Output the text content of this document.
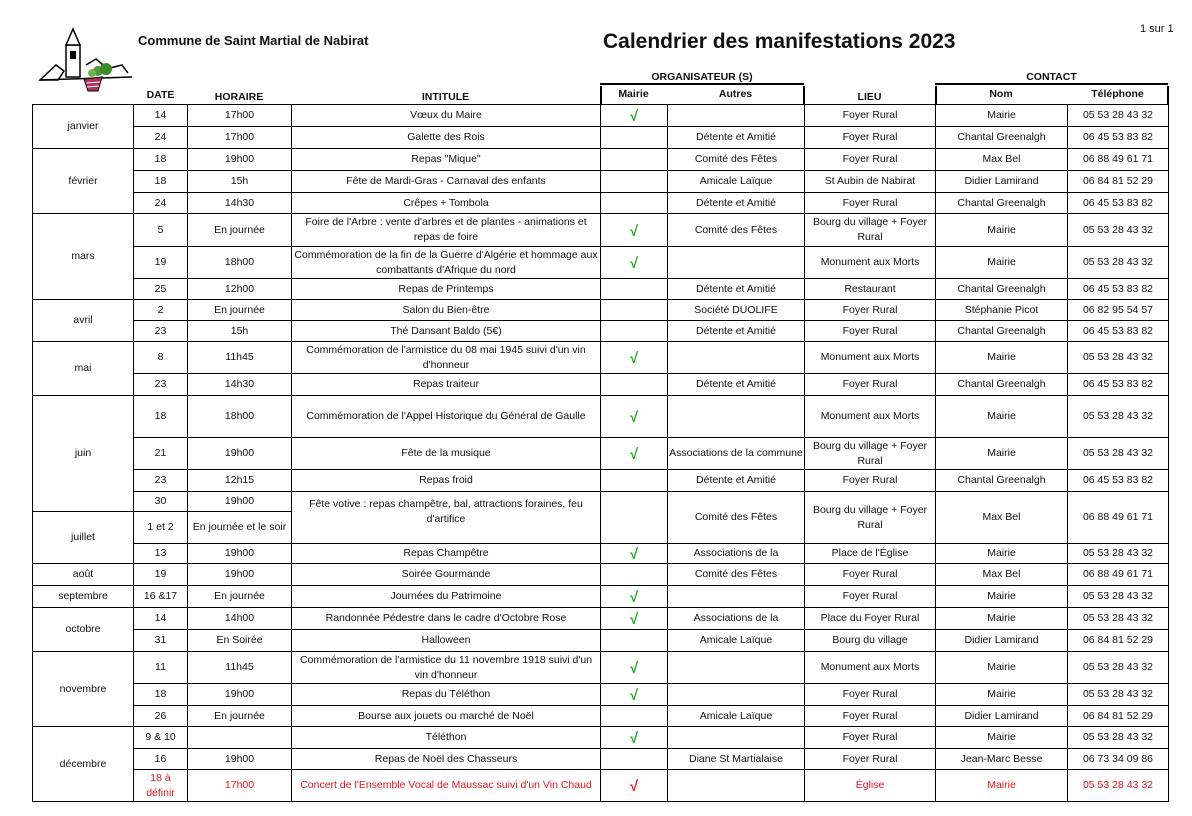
Commune de Saint Martial de Nabirat	Calendrier des manifestations 2023
1 sur 1
DATE	HORAIRE	INTITULE
ORGANISATEUR (S)
Mairie	Autres	LIEU
CONTACT
Nom	Téléphone
janvier	14	17h00	Vœux du Maire	√		Foyer Rural	Mairie	05 53 28 43 32
	24	17h00	Galette des Rois		Détente et Amitié	Foyer Rural	Chantal Greenalgh	06 45 53 83 82
février	18	19h00	Repas "Mique"		Comité des Fêtes	Foyer Rural	Max Bel	06 88 49 61 71
	18	15h	Fête de Mardi-Gras - Carnaval des enfants		Amicale Laïque	St Aubin de Nabirat	Didier Lamirand	06 84 81 52 29
	24	14h30	Crêpes + Tombola		Détente et Amitié	Foyer Rural	Chantal Greenalgh	06 45 53 83 82
mars	5	En journée	Foire de l'Arbre : vente d'arbres et de plantes - animations et repas de foire	√	Comité des Fêtes	Bourg du village + Foyer Rural	Mairie	05 53 28 43 32
	19	18h00	Commémoration de la fin de la Guerre d'Algérie et hommage aux combattants d'Afrique du nord	√		Monument aux Morts	Mairie	05 53 28 43 32
	25	12h00	Repas de Printemps		Détente et Amitié	Restaurant	Chantal Greenalgh	06 45 53 83 82
avril	2	En journée	Salon du Bien-être		Société DUOLIFE	Foyer Rural	Stéphanie Picot	06 82 95 54 57
	23	15h	Thé Dansant Baldo (5€)		Détente et Amitié	Foyer Rural	Chantal Greenalgh	06 45 53 83 82
mai	8	11h45	Commémoration de l'armistice du 08 mai 1945 suivi d'un vin d'honneur	√		Monument aux Morts	Mairie	05 53 28 43 32
	23	14h30	Repas traiteur		Détente et Amitié	Foyer Rural	Chantal Greenalgh	06 45 53 83 82
juin	18	18h00	Commémoration de l'Appel Historique du Général de Gaulle	√		Monument aux Morts	Mairie	05 53 28 43 32
	21	19h00	Fête de la musique	√	Associations de la commune	Bourg du village + Foyer Rural	Mairie	05 53 28 43 32
	23	12h15	Repas froid		Détente et Amitié	Foyer Rural	Chantal Greenalgh	06 45 53 83 82
	30	19h00	Fête votive : repas champêtre, bal, attractions foraines, feu d'artifice		Comité des Fêtes	Bourg du village + Foyer Rural	Max Bel	06 88 49 61 71
juillet	1 et 2	En journée et le soir						
	13	19h00	Repas Champêtre	√	Associations de la	Place de l'Église	Mairie	05 53 28 43 32
août	19	19h00	Soirée Gourmande		Comité des Fêtes	Foyer Rural	Max Bel	06 88 49 61 71
septembre	16 &17	En journée	Journées du Patrimoine	√		Foyer Rural	Mairie	05 53 28 43 32
octobre	14	14h00	Randonnée Pédestre dans le cadre d'Octobre Rose	√	Associations de la	Place du Foyer Rural	Mairie	05 53 28 43 32
	31	En Soirée	Halloween		Amicale Laïque	Bourg du village	Didier Lamirand	06 84 81 52 29
novembre	11	11h45	Commémoration de l'armistice du 11 novembre 1918 suivi d'un vin d'honneur	√		Monument aux Morts	Mairie	05 53 28 43 32
	18	19h00	Repas du Téléthon	√		Foyer Rural	Mairie	05 53 28 43 32
	26	En journée	Bourse aux jouets ou marché de Noël		Amicale Laïque	Foyer Rural	Didier Lamirand	06 84 81 52 29
décembre	9 & 10		Téléthon	√		Foyer Rural	Mairie	05 53 28 43 32
	16	19h00	Repas de Noël des Chasseurs		Diane St Martialaise	Foyer Rural	Jean-Marc Besse	06 73 34 09 86
	18 à définir	17h00	Concert de l'Ensemble Vocal de Maussac suivi d'un Vin Chaud	√		Église	Mairie	05 53 28 43 32
